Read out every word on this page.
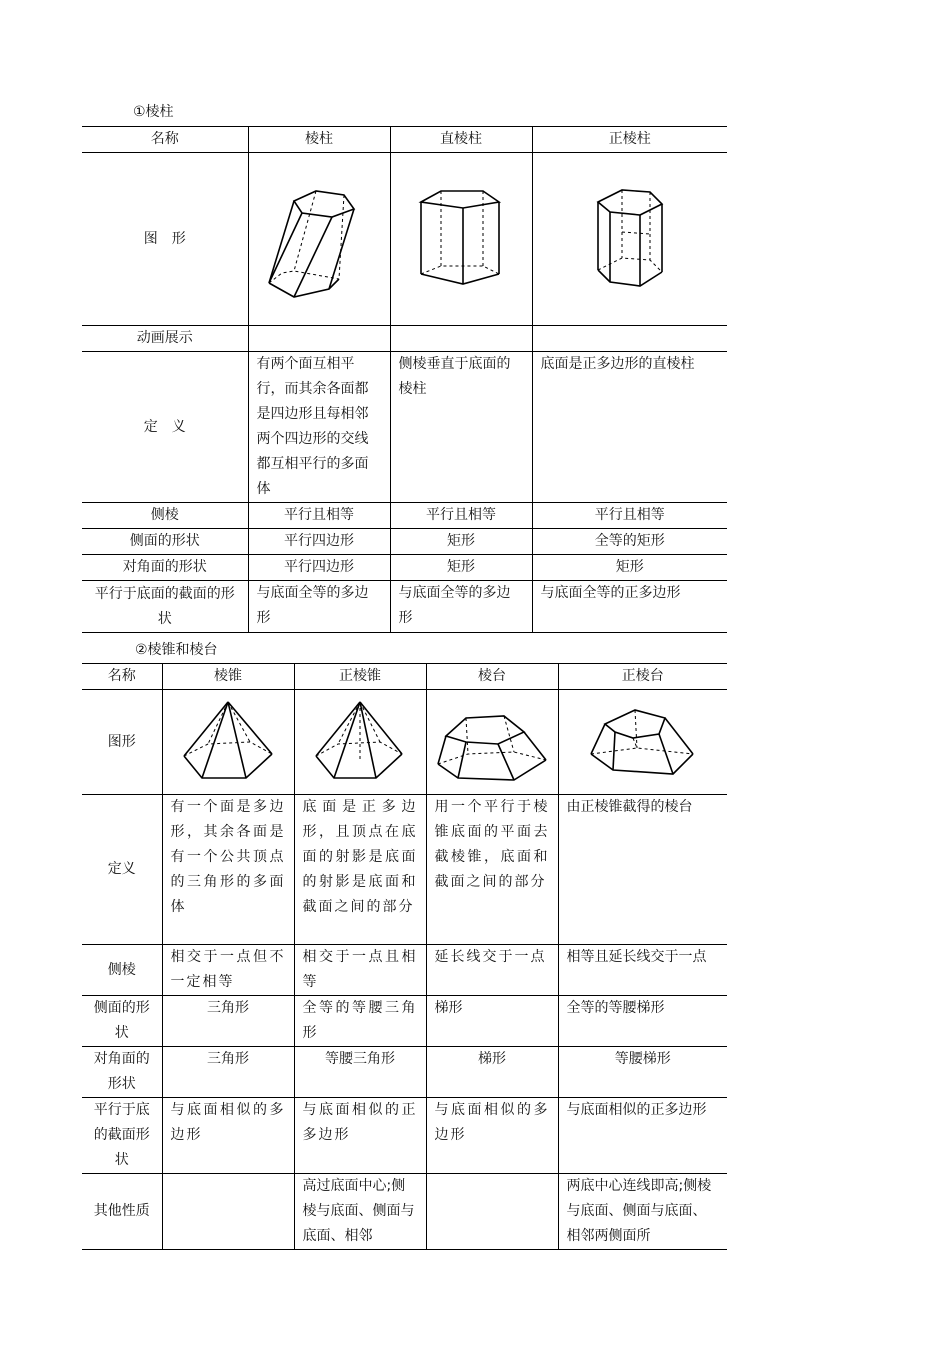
①棱柱
名称	棱柱	直棱柱	正棱柱
图　形	

动画展示			
定　义	有两个面互相平行，而其余各面都是四边形且每相邻两个四边形的交线都互相平行的多面体	侧棱垂直于底面的棱柱	底面是正多边形的直棱柱
侧棱	平行且相等	平行且相等	平行且相等
侧面的形状	平行四边形	矩形	全等的矩形
对角面的形状	平行四边形	矩形	矩形
平行于底面的截面的形状	与底面全等的多边形	与底面全等的多边形	与底面全等的正多边形
②棱锥和棱台
名称	棱锥	正棱锥	棱台	正棱台
图形	

定义	有一个面是多边形，其余各面是有一个公共顶点的三角形的多面体	底面是正多边形，且顶点在底面的射影是底面的射影是底面和截面之间的部分	用一个平行于棱锥底面的平面去截棱锥，底面和截面之间的部分	由正棱锥截得的棱台
侧棱	相交于一点但不一定相等	相交于一点且相等	延长线交于一点	相等且延长线交于一点
侧面的形状	三角形	全等的等腰三角形	梯形	全等的等腰梯形
对角面的形状	三角形	等腰三角形	梯形	等腰梯形
平行于底的截面形状	与底面相似的多边形	与底面相似的正多边形	与底面相似的多边形	与底面相似的正多边形
其他性质		高过底面中心;侧棱与底面、侧面与底面、相邻		两底中心连线即高;侧棱与底面、侧面与底面、相邻两侧面所
